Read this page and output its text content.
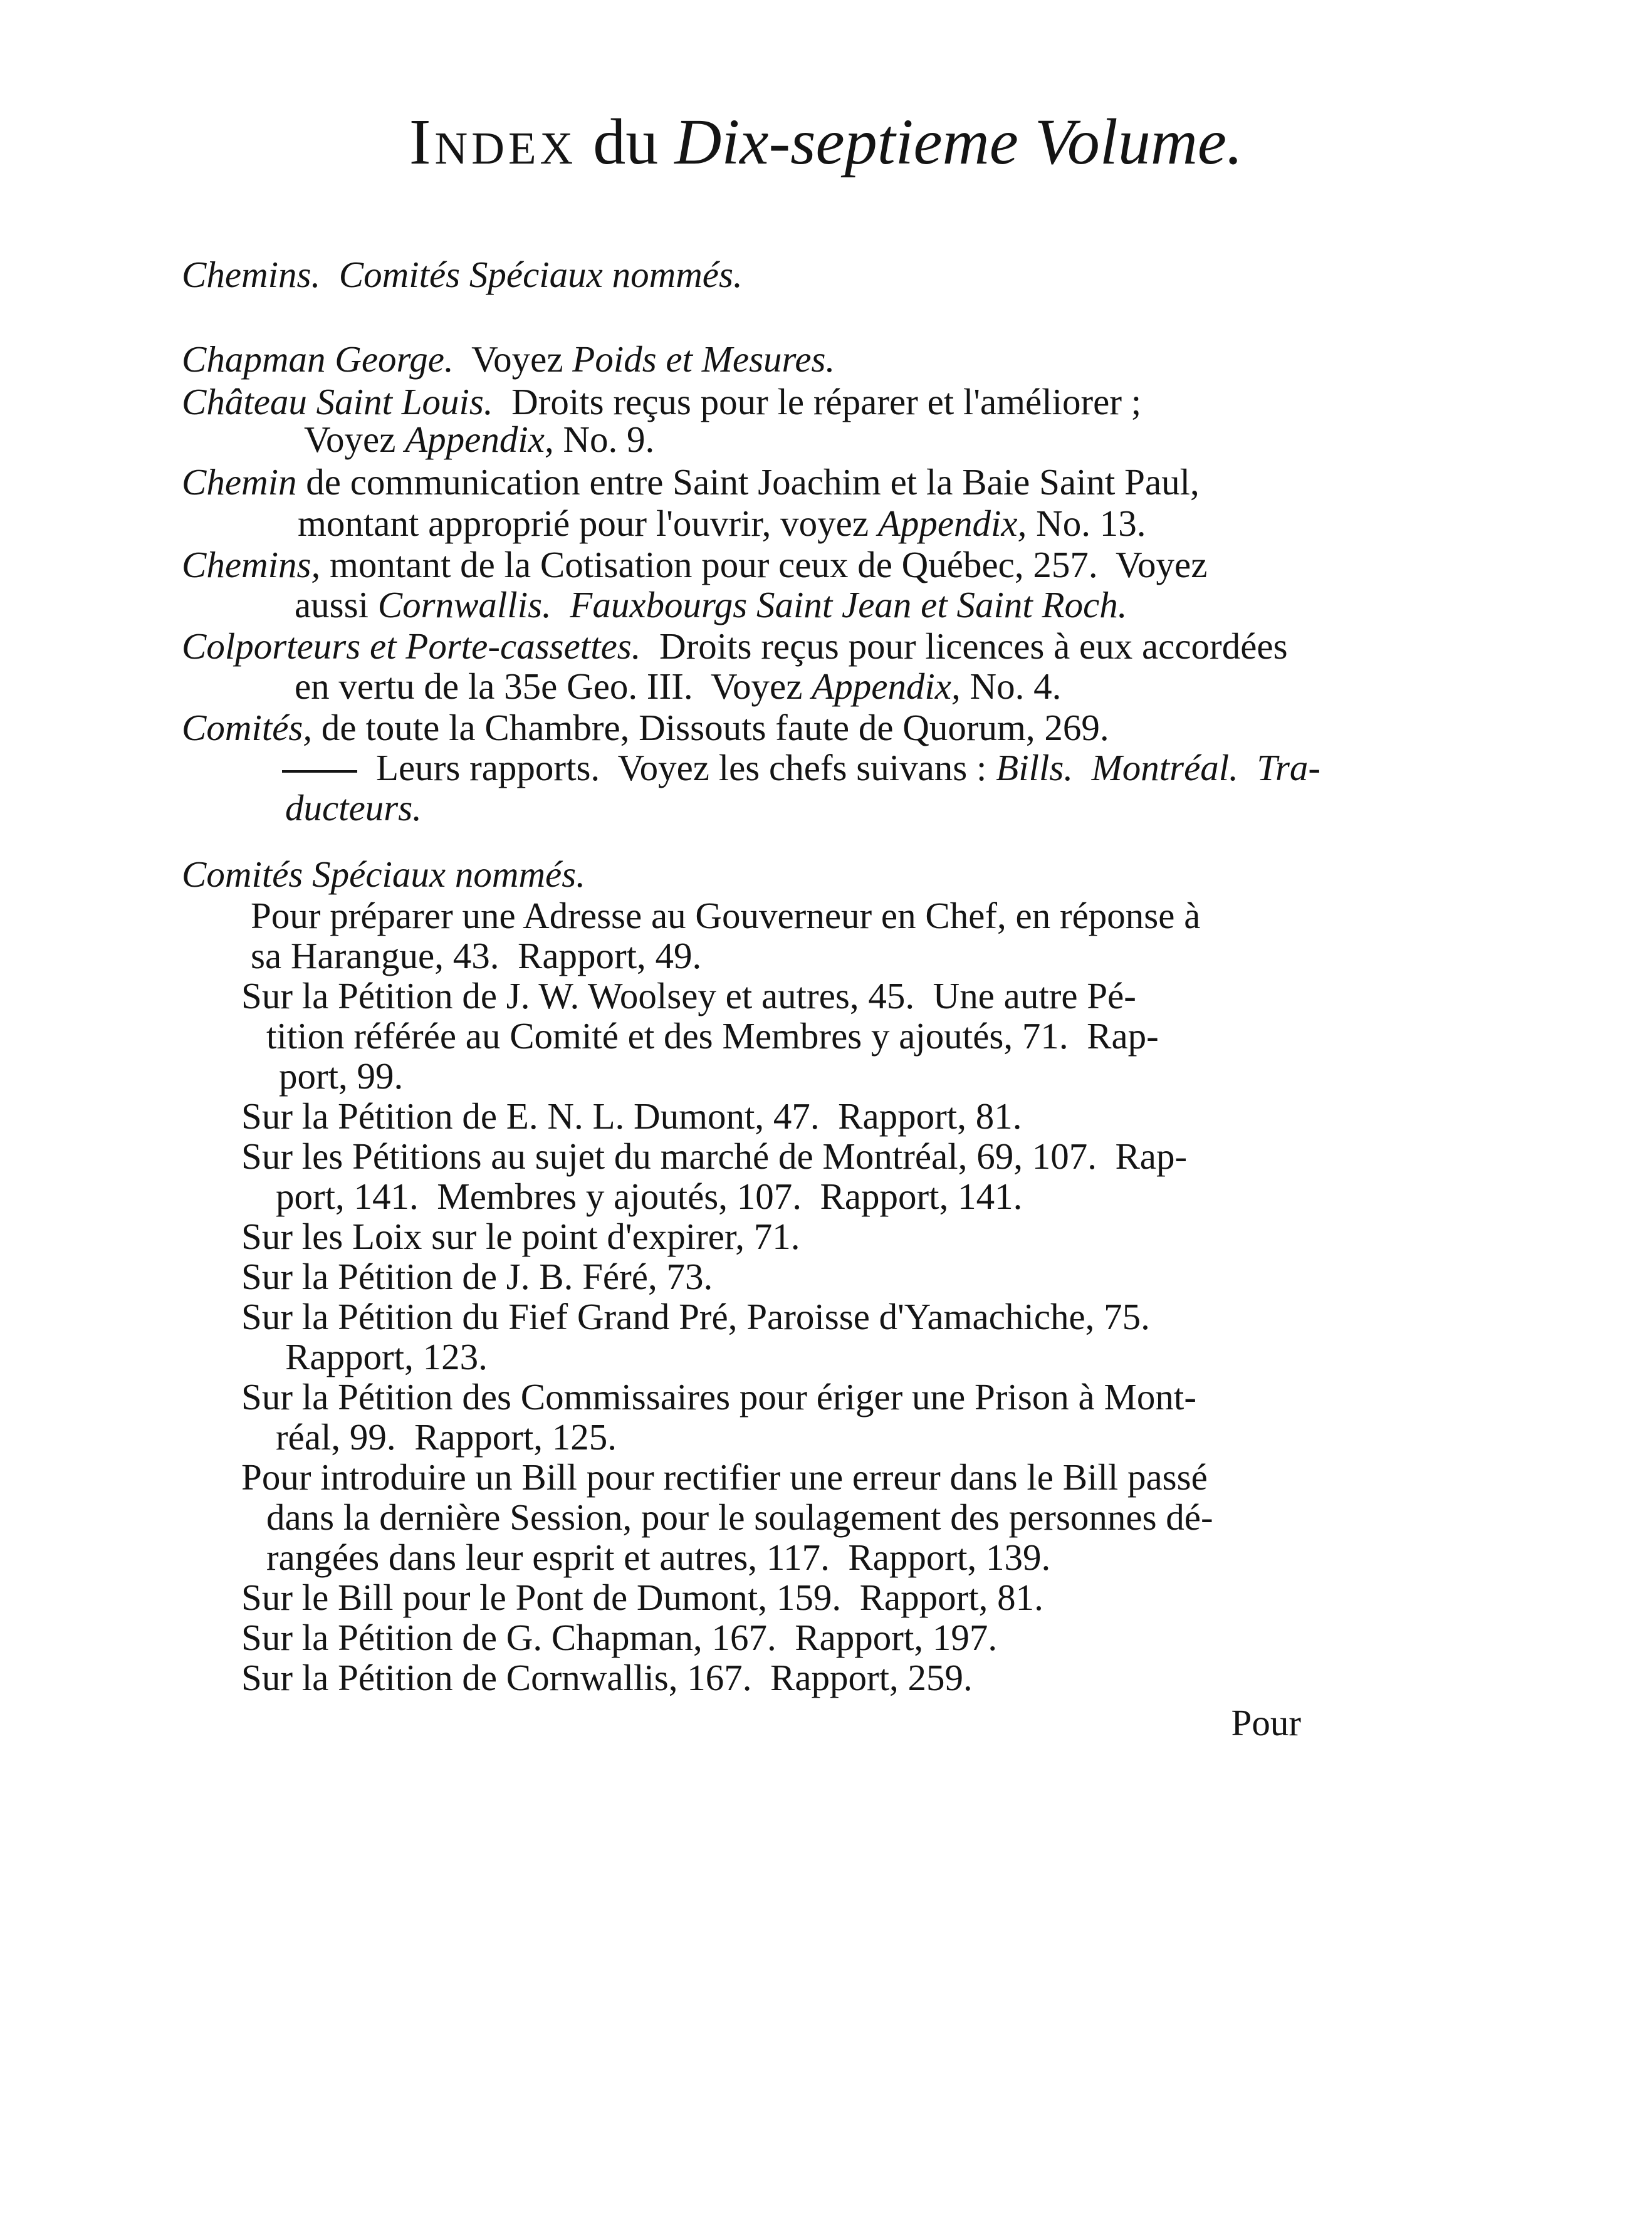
Index du Dix-septieme Volume.
Chemins. Comités Spéciaux nommés.
Chapman George.  Voyez Poids et Mesures.
Château Saint Louis.  Droits reçus pour le réparer et l'améliorer ;
Voyez Appendix, No. 9.
Chemin de communication entre Saint Joachim et la Baie Saint Paul,
montant approprié pour l'ouvrir, voyez Appendix, No. 13.
Chemins, montant de la Cotisation pour ceux de Québec, 257.  Voyez
aussi Cornwallis.  Fauxbourgs Saint Jean et Saint Roch.
Colporteurs et Porte-cassettes.  Droits reçus pour licences à eux accordées
en vertu de la 35e Geo. III.  Voyez Appendix, No. 4.
Comités, de toute la Chambre, Dissouts faute de Quorum, 269.
Leurs rapports.  Voyez les chefs suivans : Bills.  Montréal.  Tra-
ducteurs.
Comités Spéciaux nommés.
Pour préparer une Adresse au Gouverneur en Chef, en réponse à
sa Harangue, 43.  Rapport, 49.
Sur la Pétition de J. W. Woolsey et autres, 45.  Une autre Pé-
tition référée au Comité et des Membres y ajoutés, 71.  Rap-
port, 99.
Sur la Pétition de E. N. L. Dumont, 47.  Rapport, 81.
Sur les Pétitions au sujet du marché de Montréal, 69, 107.  Rap-
port, 141.  Membres y ajoutés, 107.  Rapport, 141.
Sur les Loix sur le point d'expirer, 71.
Sur la Pétition de J. B. Féré, 73.
Sur la Pétition du Fief Grand Pré, Paroisse d'Yamachiche, 75.
Rapport, 123.
Sur la Pétition des Commissaires pour ériger une Prison à Mont-
réal, 99.  Rapport, 125.
Pour introduire un Bill pour rectifier une erreur dans le Bill passé
dans la dernière Session, pour le soulagement des personnes dé-
rangées dans leur esprit et autres, 117.  Rapport, 139.
Sur le Bill pour le Pont de Dumont, 159.  Rapport, 81.
Sur la Pétition de G. Chapman, 167.  Rapport, 197.
Sur la Pétition de Cornwallis, 167.  Rapport, 259.
Pour
